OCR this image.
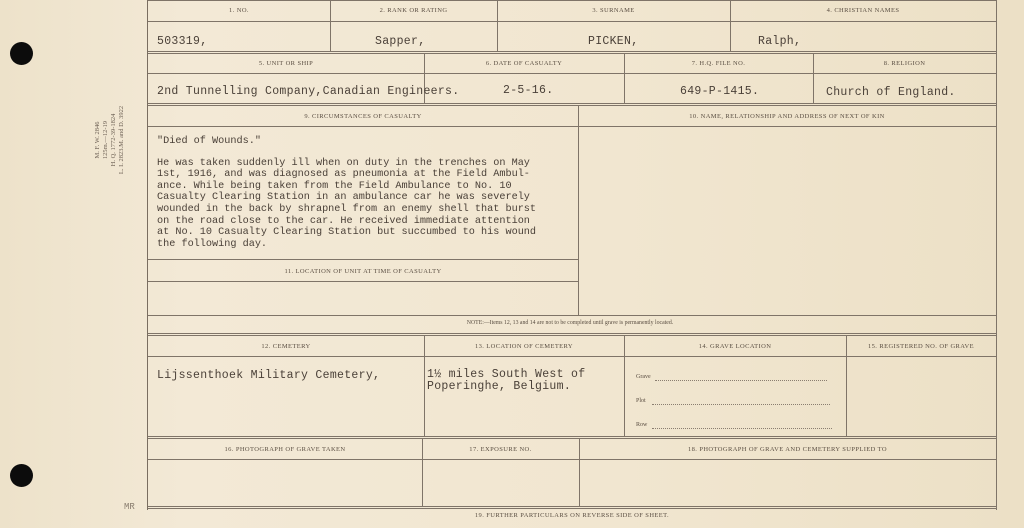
M. F. W. 2846 125m.—12-19 H. Q. 1772-39-1824 L. I. 2823.M. and D. 3922
MR
1. NO.
503319,
2. RANK OR RATING
Sapper,
3. SURNAME
PICKEN,
4. CHRISTIAN NAMES
Ralph,
5. UNIT OR SHIP
2nd Tunnelling Company,Canadian Engineers.
6. DATE OF CASUALTY
2-5-16.
7. H.Q. FILE NO.
649-P-1415.
8. RELIGION
Church of England.
9. CIRCUMSTANCES OF CASUALTY	10. NAME, RELATIONSHIP AND ADDRESS OF NEXT OF KIN

"Died of Wounds."

He was taken suddenly ill when on duty in the trenches on May

1st, 1916, and was diagnosed as pneumonia at the Field Ambul-

ance. While being taken from the Field Ambulance to No. 10

Casualty Clearing Station in an ambulance car he was severely

wounded in the back by shrapnel from an enemy shell that burst

on the road close to the car. He received immediate attention

at No. 10 Casualty Clearing Station but succumbed to his wound

the following day.

11. LOCATION OF UNIT AT TIME OF CASUALTY
NOTE:—Items 12, 13 and 14 are not to be completed until grave is permanently located.
12. CEMETERY
Lijssenthoek Military Cemetery,
13. LOCATION OF CEMETERY
1½ miles South West of
Poperinghe, Belgium.
14. GRAVE LOCATION
Grave
Plot
Row
15. REGISTERED NO. OF GRAVE
16. PHOTOGRAPH OF GRAVE TAKEN	17. EXPOSURE NO.	18. PHOTOGRAPH OF GRAVE AND CEMETERY SUPPLIED TO
19. FURTHER PARTICULARS ON REVERSE SIDE OF SHEET.
